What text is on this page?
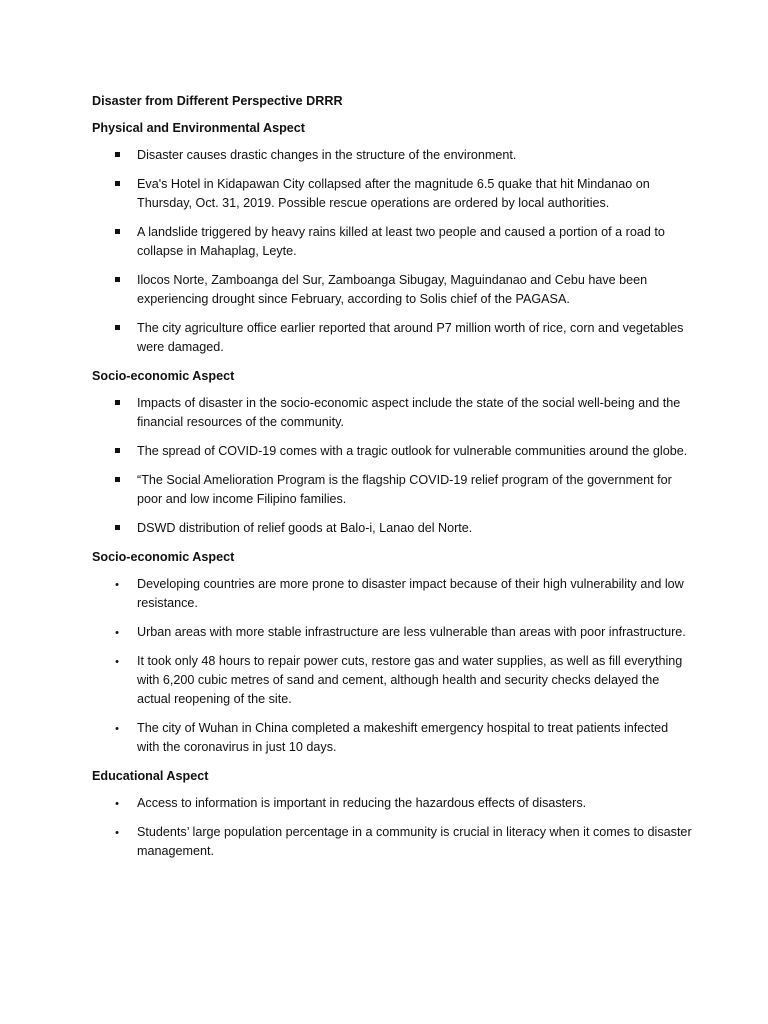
Disaster from Different Perspective DRRR
Physical and Environmental Aspect
Disaster causes drastic changes in the structure of the environment.
Eva's Hotel in Kidapawan City collapsed after the magnitude 6.5 quake that hit Mindanao on Thursday, Oct. 31, 2019. Possible rescue operations are ordered by local authorities.
A landslide triggered by heavy rains killed at least two people and caused a portion of a road to collapse in Mahaplag, Leyte.
Ilocos Norte, Zamboanga del Sur, Zamboanga Sibugay, Maguindanao and Cebu have been experiencing drought since February, according to Solis chief of the PAGASA.
The city agriculture office earlier reported that around P7 million worth of rice, corn and vegetables were damaged.
Socio-economic Aspect
Impacts of disaster in the socio-economic aspect include the state of the social well-being and the financial resources of the community.
The spread of COVID-19 comes with a tragic outlook for vulnerable communities around the globe.
“The Social Amelioration Program is the flagship COVID-19 relief program of the government for poor and low income Filipino families.
DSWD distribution of relief goods at Balo-i, Lanao del Norte.
Socio-economic Aspect
•
Developing countries are more prone to disaster impact because of their high vulnerability and low resistance.
•
Urban areas with more stable infrastructure are less vulnerable than areas with poor infrastructure.
•
It took only 48 hours to repair power cuts, restore gas and water supplies, as well as fill everything with 6,200 cubic metres of sand and cement, although health and security checks delayed the actual reopening of the site.
•
The city of Wuhan in China completed a makeshift emergency hospital to treat patients infected with the coronavirus in just 10 days.
Educational Aspect
•
Access to information is important in reducing the hazardous effects of disasters.
•
Students’ large population percentage in a community is crucial in literacy when it comes to disaster management.
